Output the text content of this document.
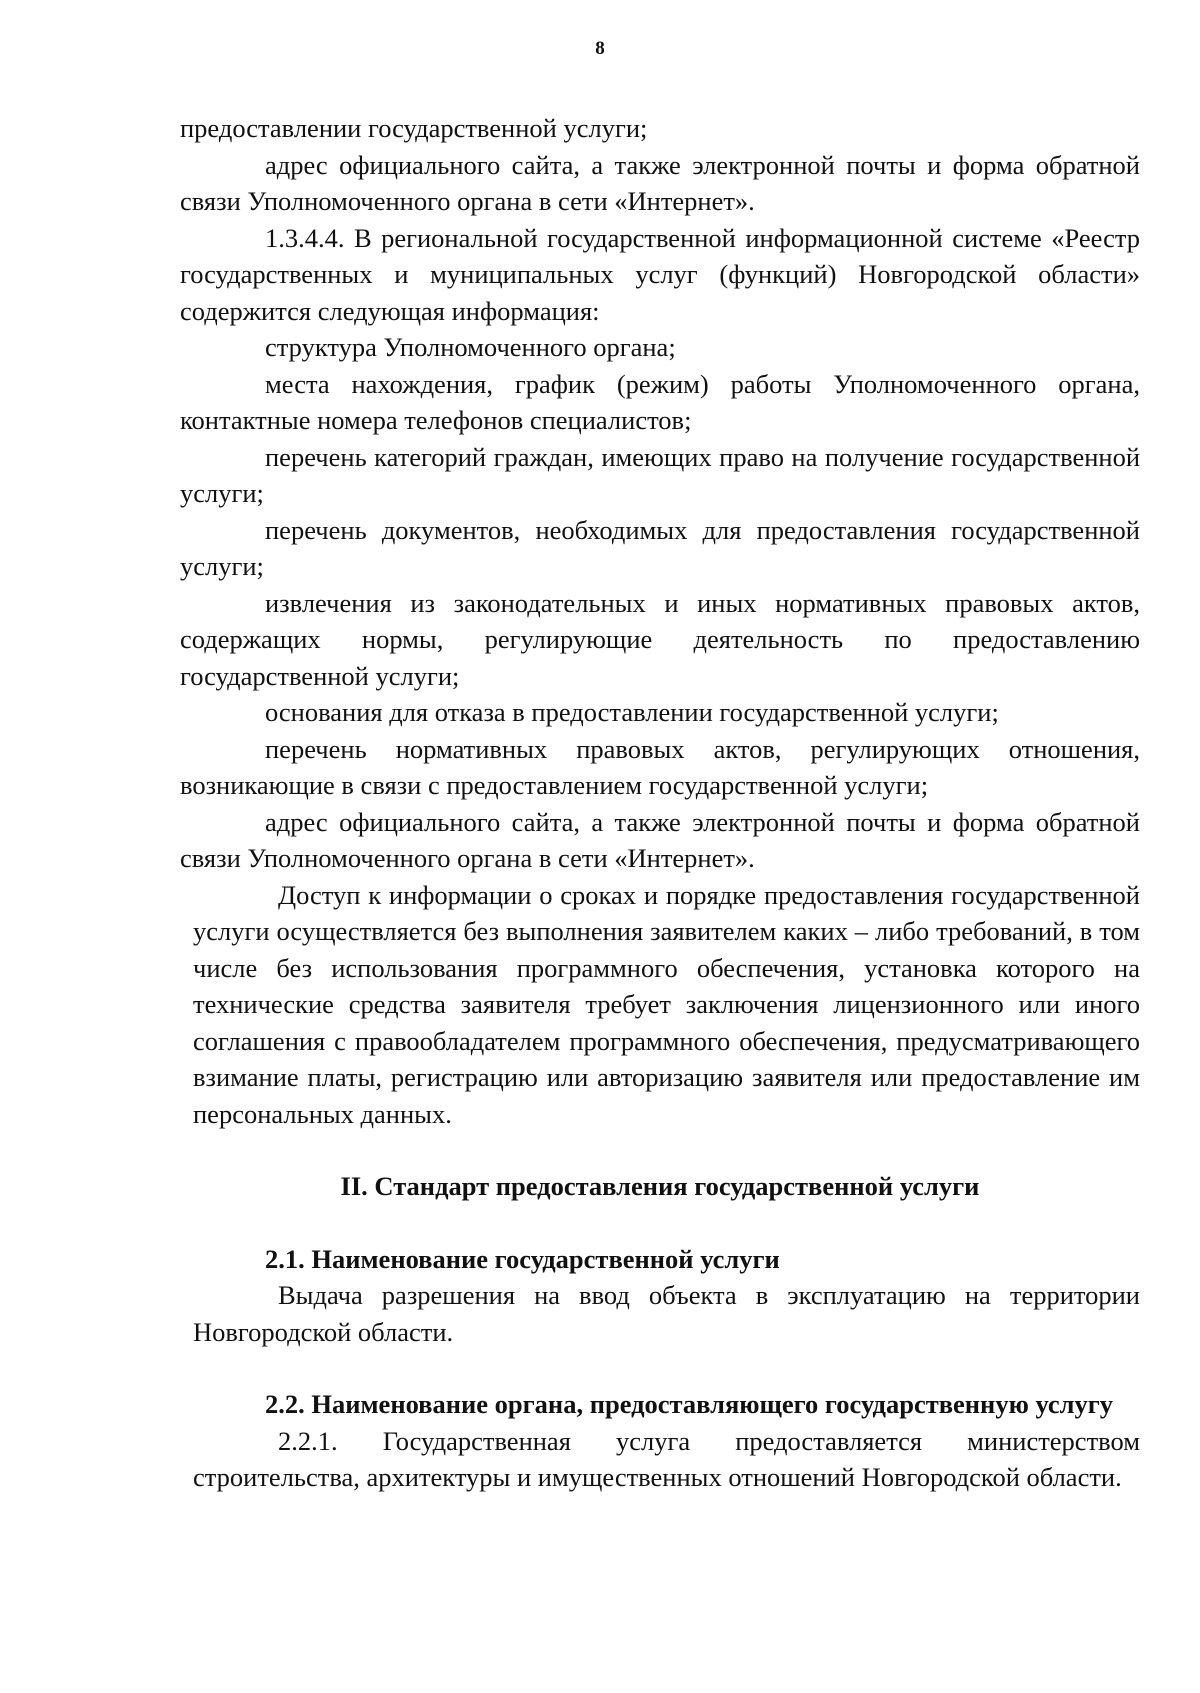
8

предоставлении государственной услуги;

адрес официального сайта, а также электронной почты и форма обратной связи Уполномоченного органа в сети «Интернет».

1.3.4.4. В региональной государственной информационной системе «Реестр государственных и муниципальных услуг (функций) Новгородской области» содержится следующая информация:

структура Уполномоченного органа;

места нахождения, график (режим) работы Уполномоченного органа, контактные номера телефонов специалистов;

перечень категорий граждан, имеющих право на получение государственной услуги;

перечень документов, необходимых для предоставления государственной услуги;

извлечения из законодательных и иных нормативных правовых актов, содержащих нормы, регулирующие деятельность по предоставлению государственной услуги;

основания для отказа в предоставлении государственной услуги;

перечень нормативных правовых актов, регулирующих отношения, возникающие в связи с предоставлением государственной услуги;

адрес официального сайта, а также электронной почты и форма обратной связи Уполномоченного органа в сети «Интернет».

Доступ к информации о сроках и порядке предоставления государственной услуги осуществляется без выполнения заявителем каких – либо требований, в том числе без использования программного обеспечения, установка которого на технические средства заявителя требует заключения лицензионного или иного соглашения с правообладателем программного обеспечения, предусматривающего взимание платы, регистрацию или авторизацию заявителя или предоставление им персональных данных.

II. Стандарт предоставления государственной услуги

2.1. Наименование государственной услуги

Выдача разрешения на ввод объекта в эксплуатацию на территории Новгородской области.

2.2. Наименование органа, предоставляющего государственную услугу

2.2.1. Государственная услуга предоставляется министерством строительства, архитектуры и имущественных отношений Новгородской области.
